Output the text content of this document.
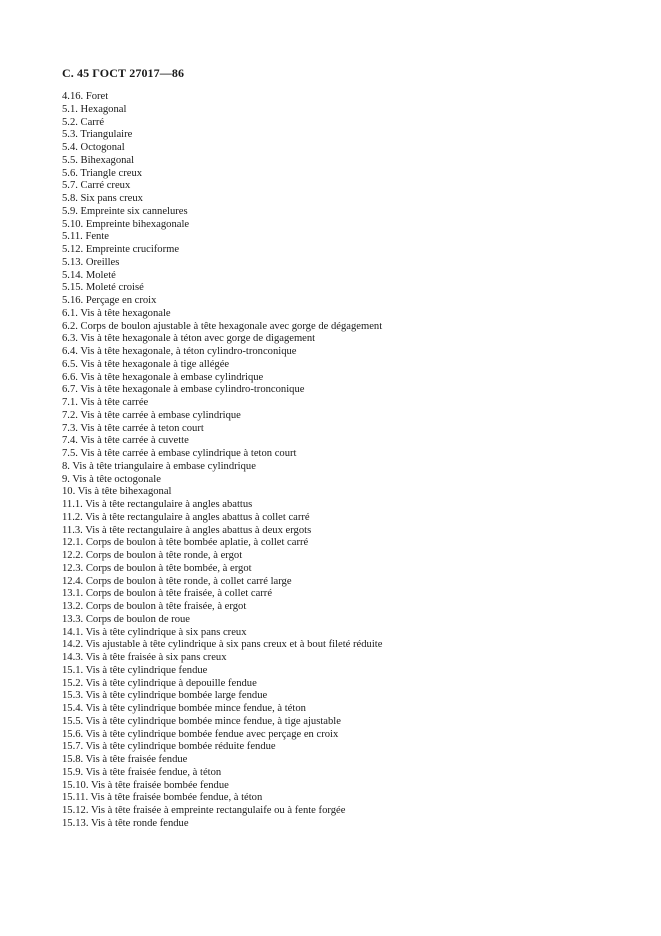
С. 45 ГОСТ 27017—86
4.16. Foret
5.1. Hexagonal
5.2. Carré
5.3. Triangulaire
5.4. Octogonal
5.5. Bihexagonal
5.6. Triangle creux
5.7. Carré creux
5.8. Six pans creux
5.9. Empreinte six cannelures
5.10. Empreinte bihexagonale
5.11. Fente
5.12. Empreinte cruciforme
5.13. Oreilles
5.14. Moleté
5.15. Moleté croisé
5.16. Perçage en croix
6.1. Vis à tête hexagonale
6.2. Corps de boulon ajustable à tête hexagonale avec gorge de dégagement
6.3. Vis à tête hexagonale à téton avec gorge de digagement
6.4. Vis à tête hexagonale, à téton cylindro-tronconique
6.5. Vis à tête hexagonale à tige allégée
6.6. Vis à tête hexagonale à embase cylindrique
6.7. Vis à tête hexagonale à embase cylindro-tronconique
7.1. Vis à tête carrée
7.2. Vis à tête carrée à embase cylindrique
7.3. Vis à tête carrée à teton court
7.4. Vis à tête carrée à cuvette
7.5. Vis à tête carrée à embase cylindrique à teton court
8. Vis à tête triangulaire à embase cylindrique
9. Vis à tête octogonale
10. Vis à tête bihexagonal
11.1. Vis à tête rectangulaire à angles abattus
11.2. Vis à tête rectangulaire à angles abattus à collet carré
11.3. Vis à tête rectangulaire à angles abattus à deux ergots
12.1. Corps de boulon à tête bombée aplatie, à collet carré
12.2. Corps de boulon à tête ronde, à ergot
12.3. Corps de boulon à tête bombée, à ergot
12.4. Corps de boulon à tête ronde, à collet carré large
13.1. Corps de boulon à tête fraisée, à collet carré
13.2. Corps de boulon à tête fraisée, à ergot
13.3. Corps de boulon de roue
14.1. Vis à tête cylindrique à six pans creux
14.2. Vis ajustable à tête cylindrique à six pans creux et à bout fileté réduite
14.3. Vis à tête fraisée à six pans creux
15.1. Vis à tête cylindrique fendue
15.2. Vis à tête cylindrique à depouille fendue
15.3. Vis à tête cylindrique bombée large fendue
15.4. Vis à tête cylindrique bombée mince fendue, à téton
15.5. Vis à tête cylindrique bombée mince fendue, à tige ajustable
15.6. Vis à tête cylindrique bombée fendue avec perçage en croix
15.7. Vis à tête cylindrique bombée réduite fendue
15.8. Vis à tête fraisée fendue
15.9. Vis à tête fraisée fendue, à téton
15.10. Vis à tête fraisée bombée fendue
15.11. Vis à tête fraisée bombée fendue, à téton
15.12. Vis à tête fraisée à empreinte rectangulaife ou à fente forgée
15.13. Vis à tête ronde fendue
